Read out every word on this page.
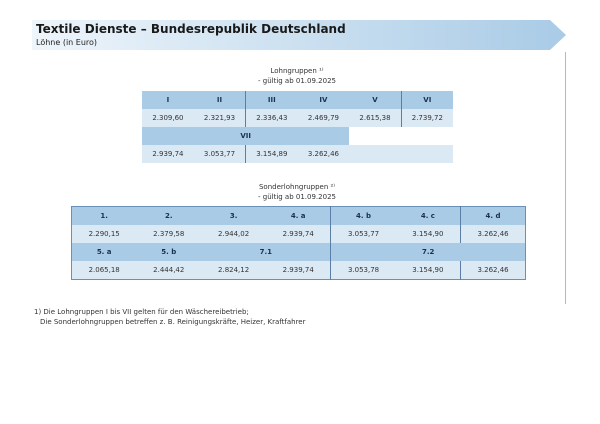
Textile Dienste – Bundesrepublik Deutschland
Löhne (in Euro)
Lohngruppen ¹⁾
- gültig ab 01.09.2025
I	II	III	IV	V	VI
2.309,60	2.321,93	2.336,43	2.469,79	2.615,38	2.739,72
VII					
2.939,74	3.053,77	3.154,89	3.262,46		
Sonderlohngruppen ²⁾
- gültig ab 01.09.2025
1.	2.	3.	4. a	4. b	4. c	4. d
2.290,15	2.379,58	2.944,02	2.939,74	3.053,77	3.154,90	3.262,46
5. a	5. b	7.1		7.2		
2.065,18	2.444,42	2.824,12	2.939,74	3.053,78	3.154,90	3.262,46
1) Die Lohngruppen I bis VII gelten für den Wäschereibetrieb;
Die Sonderlohngruppen betreffen z. B. Reinigungskräfte, Heizer, Kraftfahrer
